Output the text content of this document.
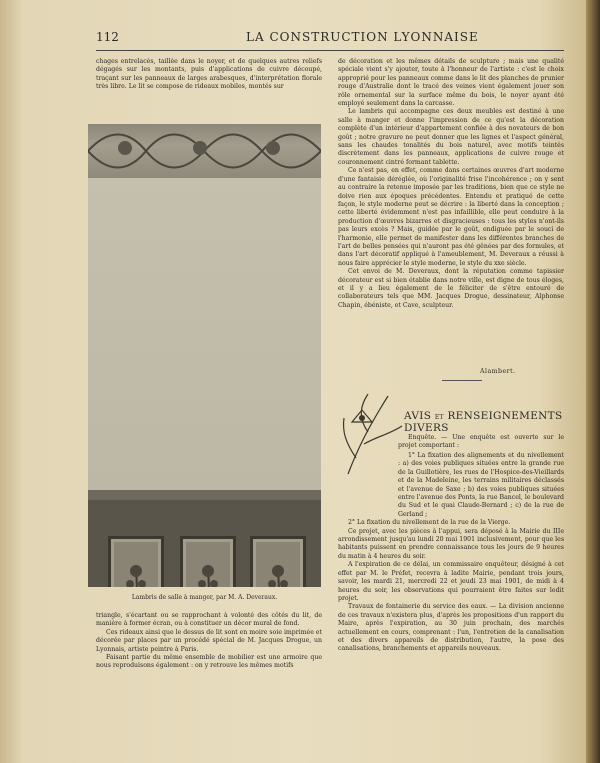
112	LA CONSTRUCTION LYONNAISE

chages entrelacés, taillée dans le noyer, et de quelques autres reliefs dégagés sur les montants, puis d'applications de cuivre découpé, traçant sur les panneaux de larges arabesques, d'interprétation florale très libre. Le lit se compose de rideaux mobiles, montés sur

Lambris de salle à manger, par M. A. Deveraux.

triangle, s'écartant ou se rapprochant à volonté des côtés du lit, de manière à former écran, ou à constituer un décor mural de fond.

Ces rideaux ainsi que le dessus de lit sont en moire soie imprimée et décorée par places par un procédé spécial de M. Jacques Drogue, un Lyonnais, artiste peintre à Paris.

Faisant partie du même ensemble de mobilier est une armoire que nous reproduisons également : on y retrouve les mêmes motifs

de décoration et les mêmes détails de sculpture ; mais une qualité spéciale vient s'y ajouter, toute à l'honneur de l'artiste : c'est le choix approprié pour les panneaux comme dans le lit des planches de prunier rouge d'Australie dont le tracé des veines vient également jouer son rôle ornemental sur la surface même du bois, le noyer ayant été employé seulement dans la carcasse.

Le lambris qui accompagne ces deux meubles est destiné à une salle à manger et donne l'impression de ce qu'est la décoration complète d'un intérieur d'appartement confiée à des novateurs de bon goût ; notre gravure ne peut donner que les lignes et l'aspect général, sans les chaudes tonalités du bois naturel, avec motifs teintés discrètement dans les panneaux, applications de cuivre rouge et couronnement cintré formant tablette.

Ce n'est pas, en effet, comme dans certaines œuvres d'art moderne d'une fantaisie déréglée, où l'originalité frise l'incohérence ; on y sent au contraire la retenue imposée par les traditions, bien que ce style ne doive rien aux époques précédentes. Entendu et pratiqué de cette façon, le style moderne peut se décrire : la liberté dans la conception ; cette liberté évidemment n'est pas infaillible, elle peut conduire à la production d'œuvres bizarres et disgracieuses : tous les styles n'ont-ils pas leurs excès ? Mais, guidée par le goût, endiguée par le souci de l'harmonie, elle permet de manifester dans les différentes branches de l'art de belles pensées qui n'auront pas été gênées par des formules, et dans l'art décoratif appliqué à l'ameublement, M. Deveraux a réussi à nous faire apprécier le style moderne, le style du xxe siècle.

Cet envoi de M. Deveraux, dont la réputation comme tapissier décorateur est si bien établie dans notre ville, est digne de tous éloges, et il y a lieu également de le féliciter de s'être entouré de collaborateurs tels que MM. Jacques Drogue, dessinateur, Alphonse Chapin, ébéniste, et Cave, sculpteur.

Alambert.
AVIS ET RENSEIGNEMENTS DIVERS

Enquête. — Une enquête est ouverte sur le projet comportant :

1° La fixation des alignements et du nivellement : a) des voies publiques situées entre la grande rue de la Guillotière, les rues de l'Hospice-des-Vieillards et de la Madeleine, les terrains militaires déclassés et l'avenue de Saxe ; b) des voies publiques situées entre l'avenue des Ponts, la rue Bancel, le boulevard du Sud et le quai Claude-Bernard ; c) de la rue de Gerland ;

2° La fixation du nivellement de la rue de la Vierge.

Ce projet, avec les pièces à l'appui, sera déposé à la Mairie du IIIe arrondissement jusqu'au lundi 20 mai 1901 inclusivement, pour que les habitants puissent en prendre connaissance tous les jours de 9 heures du matin à 4 heures du soir.

A l'expiration de ce délai, un commissaire enquêteur, désigné à cet effet par M. le Préfet, recevra à ladite Mairie, pendant trois jours, savoir, les mardi 21, mercredi 22 et jeudi 23 mai 1901, de midi à 4 heures du soir, les observations qui pourraient être faites sur ledit projet.

Travaux de fontainerie du service des eaux. — La division ancienne de ces travaux n'existera plus, d'après les propositions d'un rapport du Maire, après l'expiration, au 30 juin prochain, des marchés actuellement en cours, comprenant : l'un, l'entretien de la canalisation et des divers appareils de distribution, l'autre, la pose des canalisations, branchements et appareils nouveaux.
